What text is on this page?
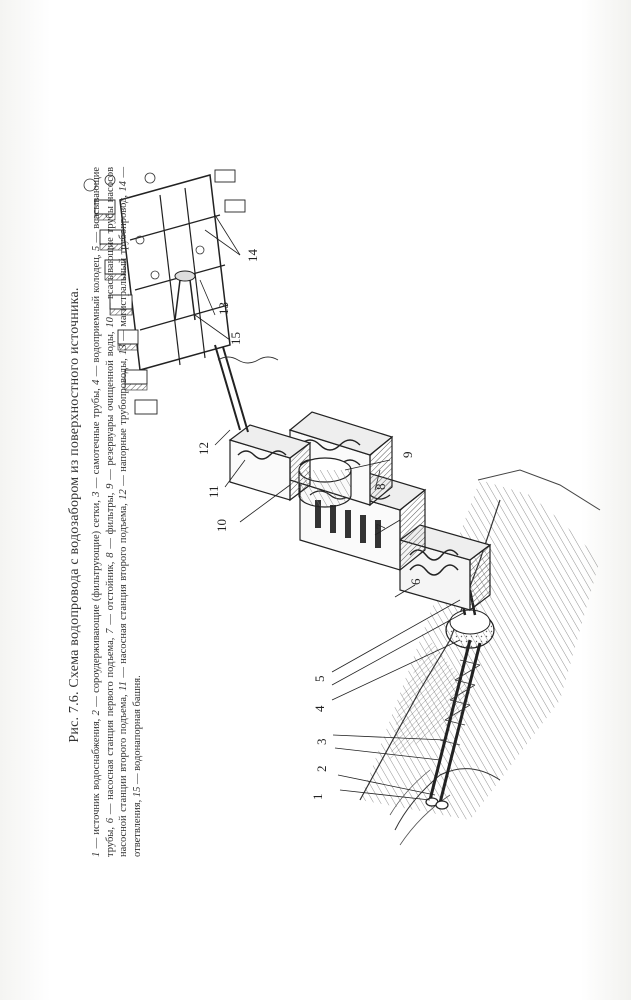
1
2
3
4
5
6
7
8
9
10
11
12
13
14
15
Рис. 7.6. Схема водопровода с водозабором из поверхностного источника.
1 — источник водоснабжения, 2 — сороудерживающие (фильтрующие) сетки, 3 — самотечные трубы, 4 — водоприемный колодец, 5 — всасывающие трубы, 6 — насосная станция первого подъема, 7 — отстойник, 8 — фильтры, 9 — резервуары очищенной воды, 10 — всасывающие трубы насосов насосной станции второго подъема, 11 — насосная станция второго подъема, 12 — напорные трубопроводы, 13 — магистральный трубопровод, 14 — ответвления, 15 — водонапорная башня.
